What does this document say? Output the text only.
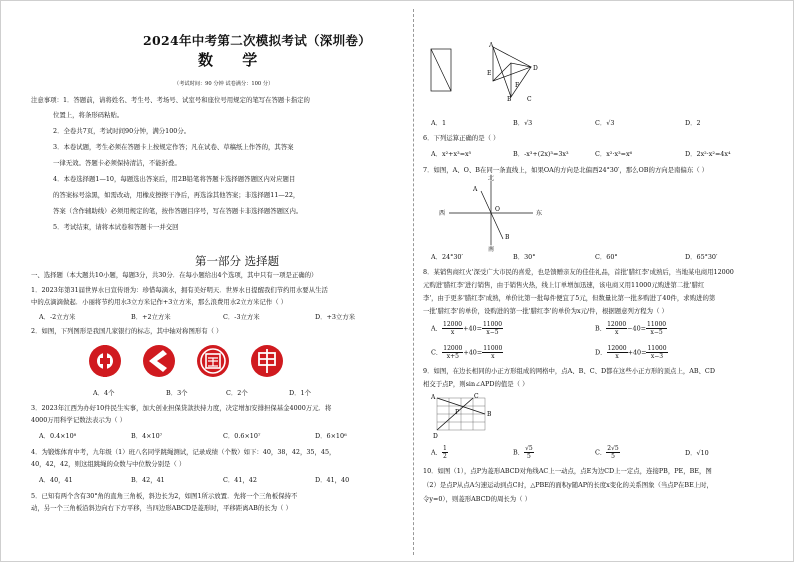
2024年中考第二次模拟考试（深圳卷）
数 学
（考试时间：90 分钟 试卷满分：100 分）
注意事项：1．答题前，请将姓名、考生号、考场号、试室号和座位号用规定的笔写在答题卡指定的
位置上，将条形码粘贴。
2．全卷共7页，考试时间90分钟，满分100分。
3．本卷试题，考生必须在答题卡上按规定作答；凡在试卷、草稿纸上作答的，其答案
一律无效。答题卡必须保持清洁，不能折叠。
4．本卷选择题1—10，每题选出答案后，用2B铅笔将答题卡选择题答题区内对应题目
的答案标号涂黑，如需改动，用橡皮擦擦干净后，再选涂其他答案；非选择题11—22，
答案（含作辅助线）必须用规定的笔，按作答题目序号，写在答题卡非选择题答题区内。
5．考试结束，请将本试卷和答题卡一并交回
第一部分 选择题
一、选择题（本大题共10小题，每题3分，共30分．在每小题给出4个选项，其中只有一项是正确的）
1．2023年第31届世界水日宣传语为：珍惜每滴水，拥有美好明天．世界水日提醒我们节约用水要从生活
中的点滴滴做起．小丽将节约用水3立方米记作+3立方米，那么浪费用水2立方米记作（ ）
A．-2立方米	B．+2立方米	C．-3立方米	D．+3立方米
2．如图，下列图形是我国几家银行的标志，其中轴对称图形有（ ）
A．4个	B．3个	C．2个	D．1个
3．2023年江西为办好10件民生实事，加大创业担保贷款扶持力度，决定增加安排担保基金4000万元．将
4000万用科学记数法表示为（ ）
A．0.4×10⁸	B．4×10⁷	C．0.6×10⁷	D．6×10⁶
4．为锻炼体育中考，九年级（1）班八名同学跳绳测试，记录成绩（个数）如下：40，38，42，35，45，
40，42，42，则这组跳绳的众数与中位数分别是（ ）
A．40，41	B．42，41	C．41，42	D．41，40
5．已知有两个含有30°角的直角三角板，斜边长为2，如图1所示放置．先将一个三角板保持不
动，另一个三角板沿斜边向右下方平移，当四边形ABCD是菱形时，平移距离AB的长为（ ）
A
B	C
D
E
F
A．1	B．√3	C．√3	D．2
6．下列运算正确的是（ ）
A．x²+x³=x⁵	B．-x³+(2x)³=3x³	C．x²·x³=x⁶	D．2x²·x²=4x⁴
7．如图，A、O、B在同一条直线上，如果OA的方向是北偏西24°30′，那么OB的方向是南偏东（ ）
北
南
东
西
A
O
B
A．24°30′	B．30°	C．60°	D．65°30′
8．某销售商红火'深受广大市民的喜爱，也是馈赠亲友的佳佳礼品，首批'腊红李'成熟后，当地某电商用12000
元购进'腊红李'进行销售，由于销售火热，线上订单增加迅速，该电商又用11000元购进第二批'腊红
李'，由于更多'腊红李'成熟，单价比第一批每件便宜了5元，但数量比第一批多购进了40件，求购进的第
一批'腊红李'的单价，设购进的第一批'腊红李'的单价为x元/件，根据题意列方程为（ ）
A． $\frac{12000}{x} +40= \frac{11000}{x-5}$	B． $\frac{12000}{x} -40= \frac{11000}{x-5}$
C． $\frac{12000}{x+5} +40= \frac{11000}{x}$	D． $\frac{12000}{x} +40= \frac{11000}{x-3}$
9．如图，在边长相同的小正方形组成的网格中，点A、B、C、D都在这些小正方形的顶点上，AB、CD
相交于点P，则sin∠APD的值是（ ）
A
B
C
D
P
A． $\frac{1}{2}$	B． $\frac{√5}{5}$	C． $\frac{2√5}{5}$	D．√10
10．如图（1），点P为菱形ABCD对角线AC上一动点，点E为边CD上一定点，连接PB，PE，BE，图
（2）是点P从点A匀速运动到点C时，△PBE的面积y随AP的长度x变化的关系图象（当点P在BE上时，
令y=0），则菱形ABCD的周长为（ ）
